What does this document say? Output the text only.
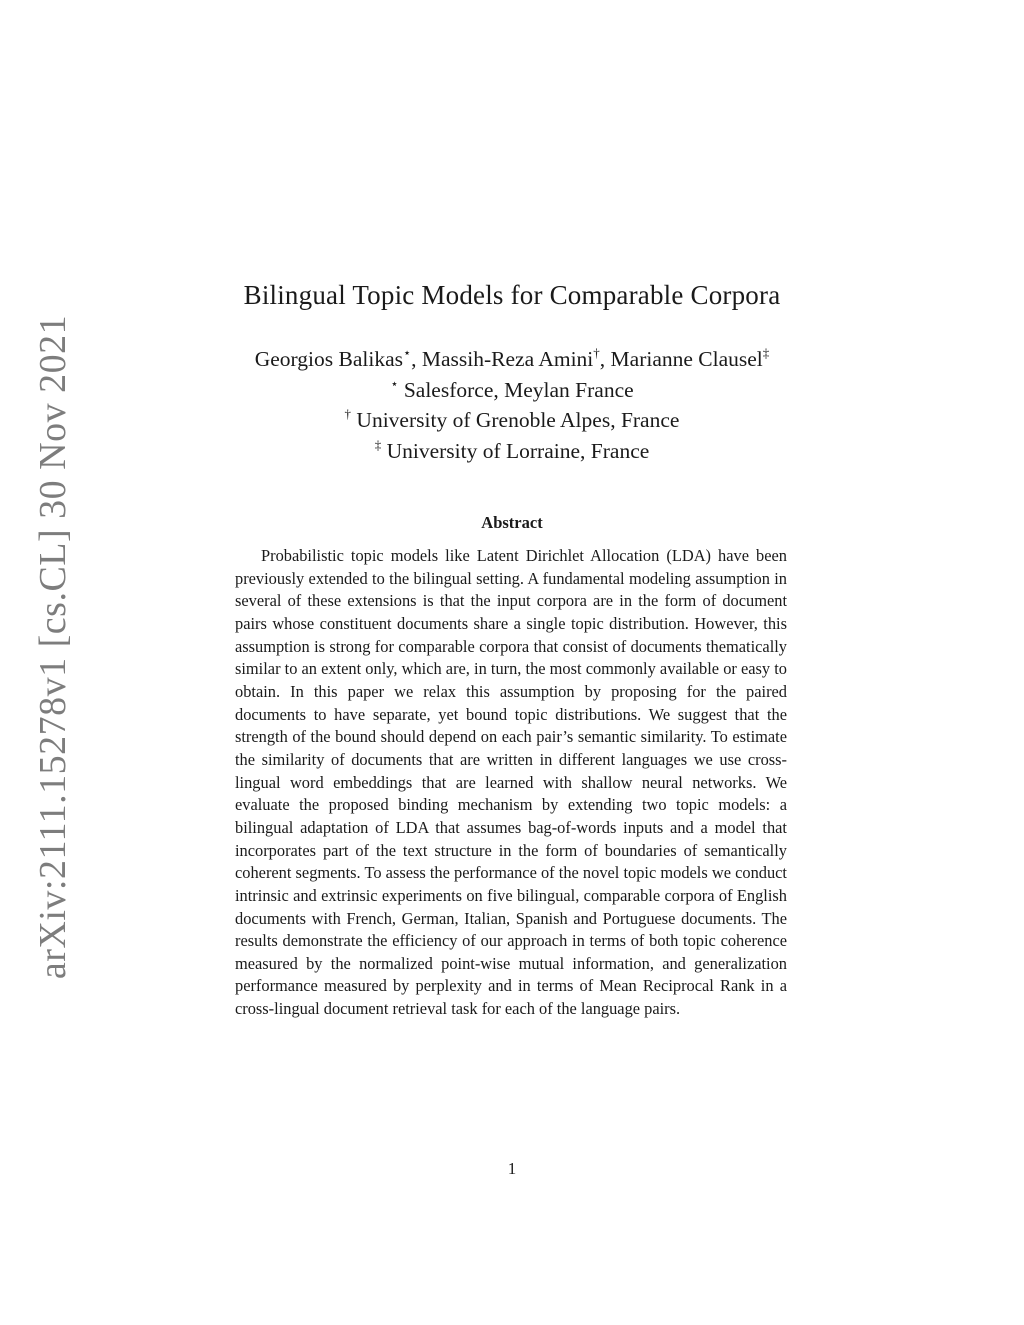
arXiv:2111.15278v1 [cs.CL] 30 Nov 2021
Bilingual Topic Models for Comparable Corpora
Georgios Balikas⋆, Massih-Reza Amini†, Marianne Clausel‡
⋆ Salesforce, Meylan France
† University of Grenoble Alpes, France
‡ University of Lorraine, France
Abstract
Probabilistic topic models like Latent Dirichlet Allocation (LDA) have been previously extended to the bilingual setting. A fundamental modeling assumption in several of these extensions is that the input corpora are in the form of document pairs whose constituent documents share a single topic distribution. However, this assumption is strong for comparable corpora that consist of documents thematically similar to an extent only, which are, in turn, the most commonly available or easy to obtain. In this paper we relax this assumption by proposing for the paired documents to have separate, yet bound topic distributions. We suggest that the strength of the bound should depend on each pair’s semantic similarity. To estimate the similarity of documents that are written in different languages we use cross-lingual word embeddings that are learned with shallow neural networks. We evaluate the proposed binding mechanism by extending two topic models: a bilingual adaptation of LDA that assumes bag-of-words inputs and a model that incorporates part of the text structure in the form of boundaries of semantically coherent segments. To assess the performance of the novel topic models we conduct intrinsic and extrinsic experiments on five bilingual, comparable corpora of English documents with French, German, Italian, Spanish and Portuguese documents. The results demonstrate the efficiency of our approach in terms of both topic coherence measured by the normalized point-wise mutual information, and generalization performance measured by perplexity and in terms of Mean Reciprocal Rank in a cross-lingual document retrieval task for each of the language pairs.
1
